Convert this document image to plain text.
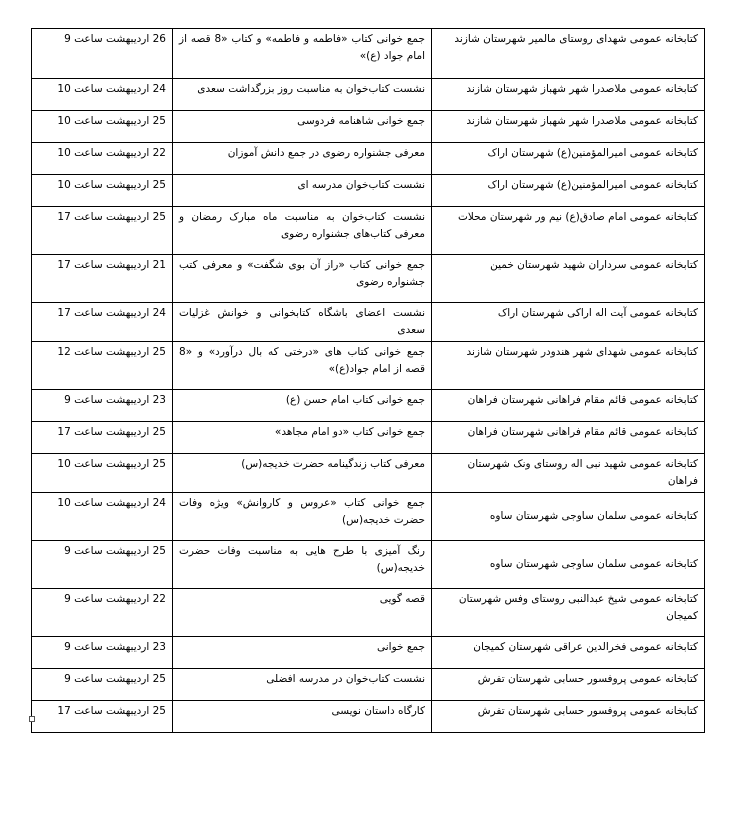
کتابخانه عمومی شهدای روستای مالمیر شهرستان شازند	جمع خوانی کتاب «فاطمه و فاطمه» و کتاب «8 قصه از امام جواد (ع)»	26 اردیبهشت ساعت 9
کتابخانه عمومی ملاصدرا شهر شهباز شهرستان شازند	نشست کتاب‌خوان به مناسبت روز بزرگداشت سعدی	24 اردیبهشت ساعت 10
کتابخانه عمومی ملاصدرا شهر شهباز شهرستان شازند	جمع خوانی شاهنامه فردوسی	25 اردیبهشت ساعت 10
کتابخانه عمومی امیرالمؤمنین(ع) شهرستان اراک	معرفی جشنواره رضوی در جمع دانش آموزان	22 اردیبهشت ساعت 10
کتابخانه عمومی امیرالمؤمنین(ع) شهرستان اراک	نشست کتاب‌خوان مدرسه ای	25 اردیبهشت ساعت 10
کتابخانه عمومی امام صادق(ع) نیم ور شهرستان محلات	نشست کتاب‌خوان به مناسبت ماه مبارک رمضان و معرفی کتاب‌های جشنواره رضوی	25 اردیبهشت ساعت 17
کتابخانه عمومی سرداران شهید شهرستان خمین	جمع خوانی کتاب «راز آن بوی شگفت» و معرفی کتب جشنواره رضوی	21 اردیبهشت ساعت 17
کتابخانه عمومی آیت اله اراکی شهرستان اراک	نشست اعضای باشگاه کتابخوانی و خوانش غزلیات سعدی	24 اردیبهشت ساعت 17
کتابخانه عمومی شهدای شهر هندودر شهرستان شازند	جمع خوانی کتاب های «درختی که بال درآورد» و «8 قصه از امام جواد(ع)»	25 اردیبهشت ساعت 12
کتابخانه عمومی قائم مقام فراهانی شهرستان فراهان	جمع خوانی کتاب امام حسن (ع)	23 اردیبهشت ساعت 9
کتابخانه عمومی قائم مقام فراهانی شهرستان فراهان	جمع خوانی کتاب «دو امام مجاهد»	25 اردیبهشت ساعت 17
کتابخانه عمومی شهید نبی اله روستای ونک شهرستان فراهان	معرفی کتاب زندگینامه حضرت خدیجه(س)	25 اردیبهشت ساعت 10
کتابخانه عمومی سلمان ساوجی شهرستان ساوه	جمع خوانی کتاب «عروس و کاروانش» ویژه وفات حضرت خدیجه(س)	24 اردیبهشت ساعت 10
کتابخانه عمومی سلمان ساوجی شهرستان ساوه	رنگ آمیزی با طرح هایی به مناسبت وفات حضرت خدیجه(س)	25 اردیبهشت ساعت 9
کتابخانه عمومی شیخ عبدالنبی روستای وفس شهرستان کمیجان	قصه گویی	22 اردیبهشت ساعت 9
کتابخانه عمومی فخرالدین عراقی شهرستان کمیجان	جمع خوانی	23 اردیبهشت ساعت 9
کتابخانه عمومی پروفسور حسابی شهرستان تفرش	نشست کتاب‌خوان در مدرسه افضلی	25 اردیبهشت ساعت 9
کتابخانه عمومی پروفسور حسابی شهرستان تفرش	کارگاه داستان نویسی	25 اردیبهشت ساعت 17
